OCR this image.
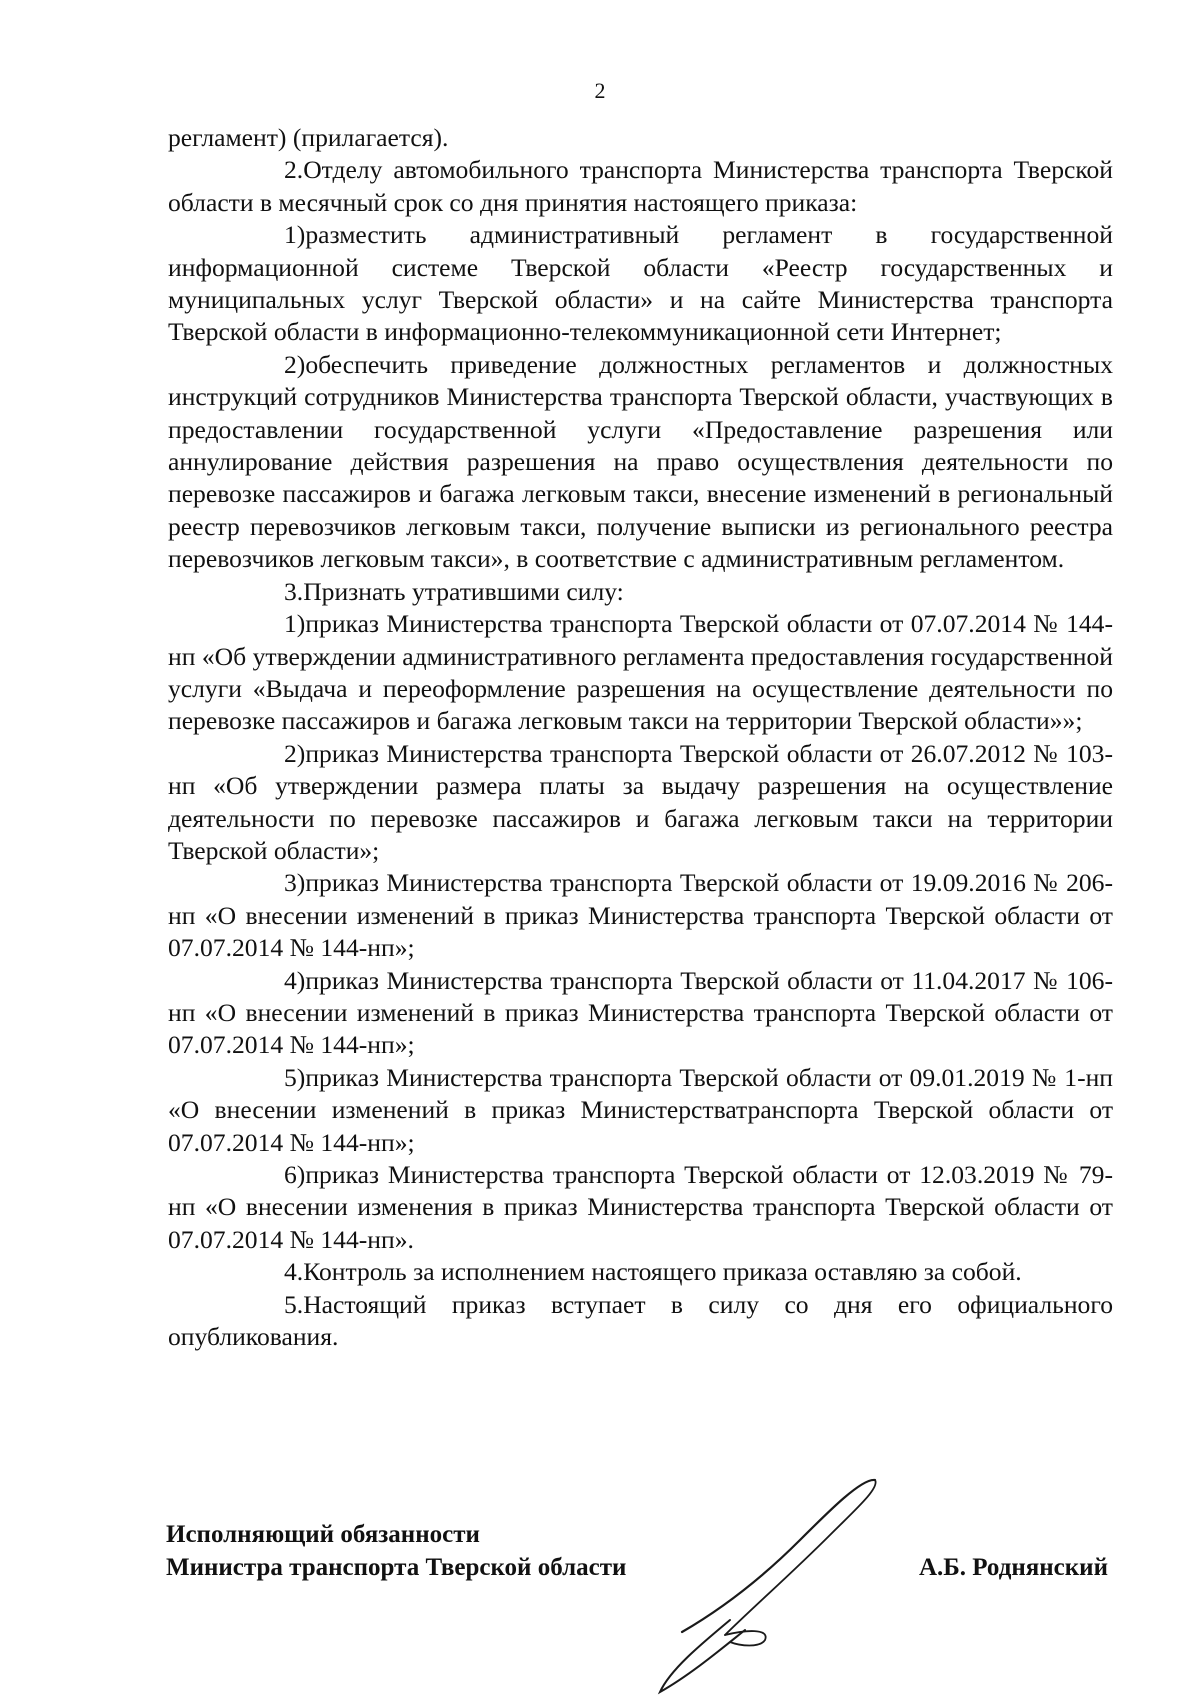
2

регламент) (прилагается).

2.Отделу автомобильного транспорта Министерства транспорта Тверской области в месячный срок со дня принятия настоящего приказа:

1)разместить административный регламент в государственной информационной системе Тверской области «Реестр государственных и муниципальных услуг Тверской области» и на сайте Министерства транспорта Тверской области в информационно-телекоммуникационной сети Интернет;

2)обеспечить приведение должностных регламентов и должностных инструкций сотрудников Министерства транспорта Тверской области, участвующих в предоставлении государственной услуги «Предоставление разрешения или аннулирование действия разрешения на право осуществления деятельности по перевозке пассажиров и багажа легковым такси, внесение изменений в региональный реестр перевозчиков легковым такси, получение выписки из регионального реестра перевозчиков легковым такси», в соответствие с административным регламентом.

3.Признать утратившими силу:

1)приказ Министерства транспорта Тверской области от 07.07.2014 № 144-нп «Об утверждении административного регламента предоставления государственной услуги «Выдача и переоформление разрешения на осуществление деятельности по перевозке пассажиров и багажа легковым такси на территории Тверской области»»;

2)приказ Министерства транспорта Тверской области от 26.07.2012 № 103-нп «Об утверждении размера платы за выдачу разрешения на осуществление деятельности по перевозке пассажиров и багажа легковым такси на территории Тверской области»;

3)приказ Министерства транспорта Тверской области от 19.09.2016 № 206-нп «О внесении изменений в приказ Министерства транспорта Тверской области от 07.07.2014 № 144-нп»;

4)приказ Министерства транспорта Тверской области от 11.04.2017 № 106-нп «О внесении изменений в приказ Министерства транспорта Тверской области от 07.07.2014 № 144-нп»;

5)приказ Министерства транспорта Тверской области от 09.01.2019 № 1-нп «О внесении изменений в приказ Министерстватранспорта Тверской области от 07.07.2014 № 144-нп»;

6)приказ Министерства транспорта Тверской области от 12.03.2019 № 79-нп «О внесении изменения в приказ Министерства транспорта Тверской области от 07.07.2014 № 144-нп».

4.Контроль за исполнением настоящего приказа оставляю за собой.

5.Настоящий приказ вступает в силу со дня его официального опубликования.

Исполняющий обязанности
Министра транспорта Тверской области	А.Б. Роднянский
